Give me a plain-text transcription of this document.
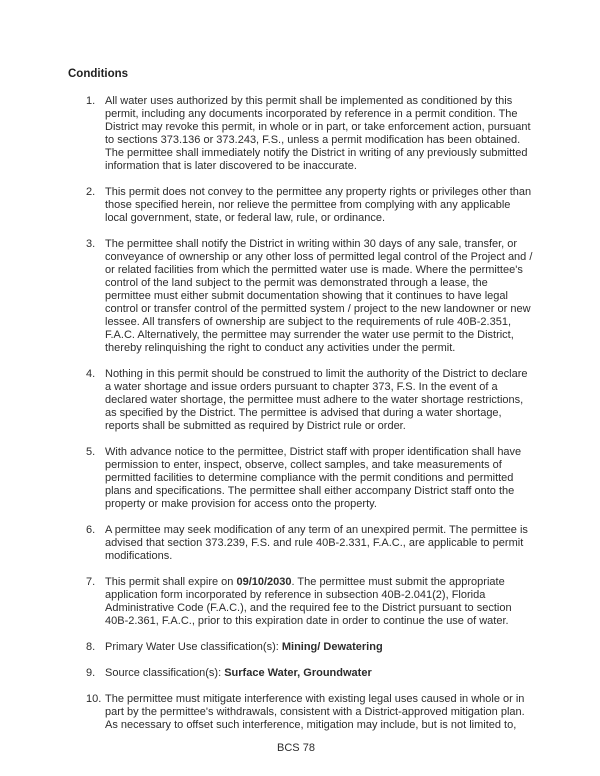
Conditions
1. All water uses authorized by this permit shall be implemented as conditioned by this permit, including any documents incorporated by reference in a permit condition. The District may revoke this permit, in whole or in part, or take enforcement action, pursuant to sections 373.136 or 373.243, F.S., unless a permit modification has been obtained. The permittee shall immediately notify the District in writing of any previously submitted information that is later discovered to be inaccurate.
2. This permit does not convey to the permittee any property rights or privileges other than those specified herein, nor relieve the permittee from complying with any applicable local government, state, or federal law, rule, or ordinance.
3. The permittee shall notify the District in writing within 30 days of any sale, transfer, or conveyance of ownership or any other loss of permitted legal control of the Project and / or related facilities from which the permitted water use is made. Where the permittee's control of the land subject to the permit was demonstrated through a lease, the permittee must either submit documentation showing that it continues to have legal control or transfer control of the permitted system / project to the new landowner or new lessee. All transfers of ownership are subject to the requirements of rule 40B-2.351, F.A.C. Alternatively, the permittee may surrender the water use permit to the District, thereby relinquishing the right to conduct any activities under the permit.
4. Nothing in this permit should be construed to limit the authority of the District to declare a water shortage and issue orders pursuant to chapter 373, F.S. In the event of a declared water shortage, the permittee must adhere to the water shortage restrictions, as specified by the District. The permittee is advised that during a water shortage, reports shall be submitted as required by District rule or order.
5. With advance notice to the permittee, District staff with proper identification shall have permission to enter, inspect, observe, collect samples, and take measurements of permitted facilities to determine compliance with the permit conditions and permitted plans and specifications. The permittee shall either accompany District staff onto the property or make provision for access onto the property.
6. A permittee may seek modification of any term of an unexpired permit. The permittee is advised that section 373.239, F.S. and rule 40B-2.331, F.A.C., are applicable to permit modifications.
7. This permit shall expire on 09/10/2030. The permittee must submit the appropriate application form incorporated by reference in subsection 40B-2.041(2), Florida Administrative Code (F.A.C.), and the required fee to the District pursuant to section 40B-2.361, F.A.C., prior to this expiration date in order to continue the use of water.
8. Primary Water Use classification(s): Mining/ Dewatering
9. Source classification(s): Surface Water, Groundwater
10. The permittee must mitigate interference with existing legal uses caused in whole or in part by the permittee's withdrawals, consistent with a District-approved mitigation plan. As necessary to offset such interference, mitigation may include, but is not limited to,
BCS 78
